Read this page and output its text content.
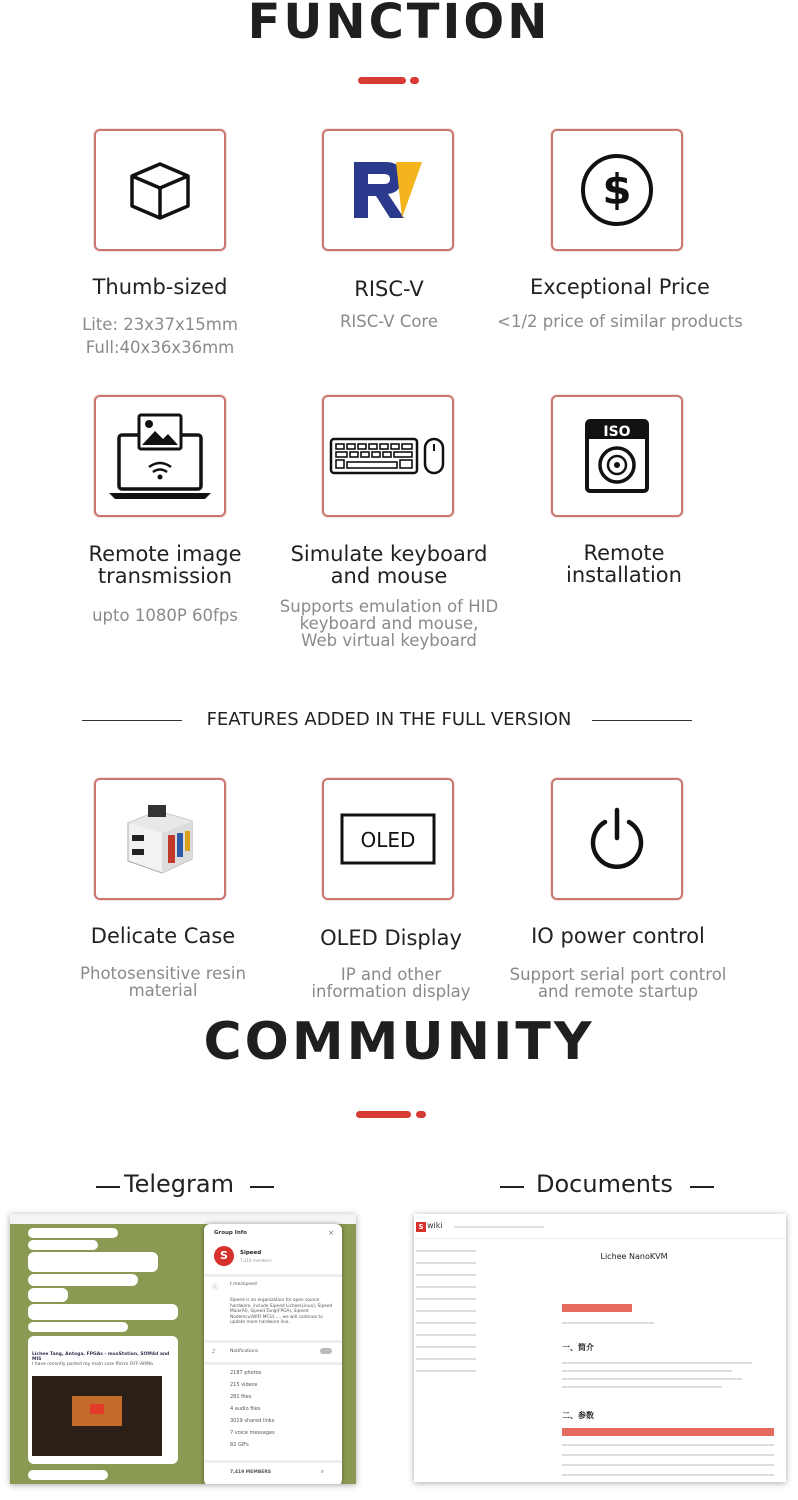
FUNCTION
$
Thumb-sized
Lite: 23x37x15mm
Full:40x36x36mm
RISC-V
RISC-V Core
Exceptional Price
<1/2 price of similar products
ISO
Remote image
transmission
upto 1080P 60fps
Simulate keyboard
and mouse
Supports emulation of HID
keyboard and mouse,
Web virtual keyboard
Remote
installation
FEATURES ADDED IN THE FULL VERSION
OLED
Delicate Case
Photosensitive resin
material
OLED Display
IP and other
information display
IO power control
Support serial port control
and remote startup
COMMUNITY
Telegram	Documents
Lichee Tang, Antoga, FPGAs - muxStation, SOM4d and MIS
I have recently ported my main core RVcm OFF-ARMa
Group Info	×
S	Sipeed
7,419 members
ⓘ	t.me/sipeed
Sipeed is an organization for open source hardware, include Sipeed Lichee(Linux), Sipeed Maix(AI), Sipeed Tang(FPGA), Sipeed Nodemcu(WIFI MCU)...., we will continue to update more hardware line.
♪	Notifications
2187 photos
215 videos
281 files
4 audio files
3019 shared links
7 voice messages
82 GIFs
7,419 MEMBERS	⌕
S wiki
Lichee NanoKVM
一、简介
二、参数
